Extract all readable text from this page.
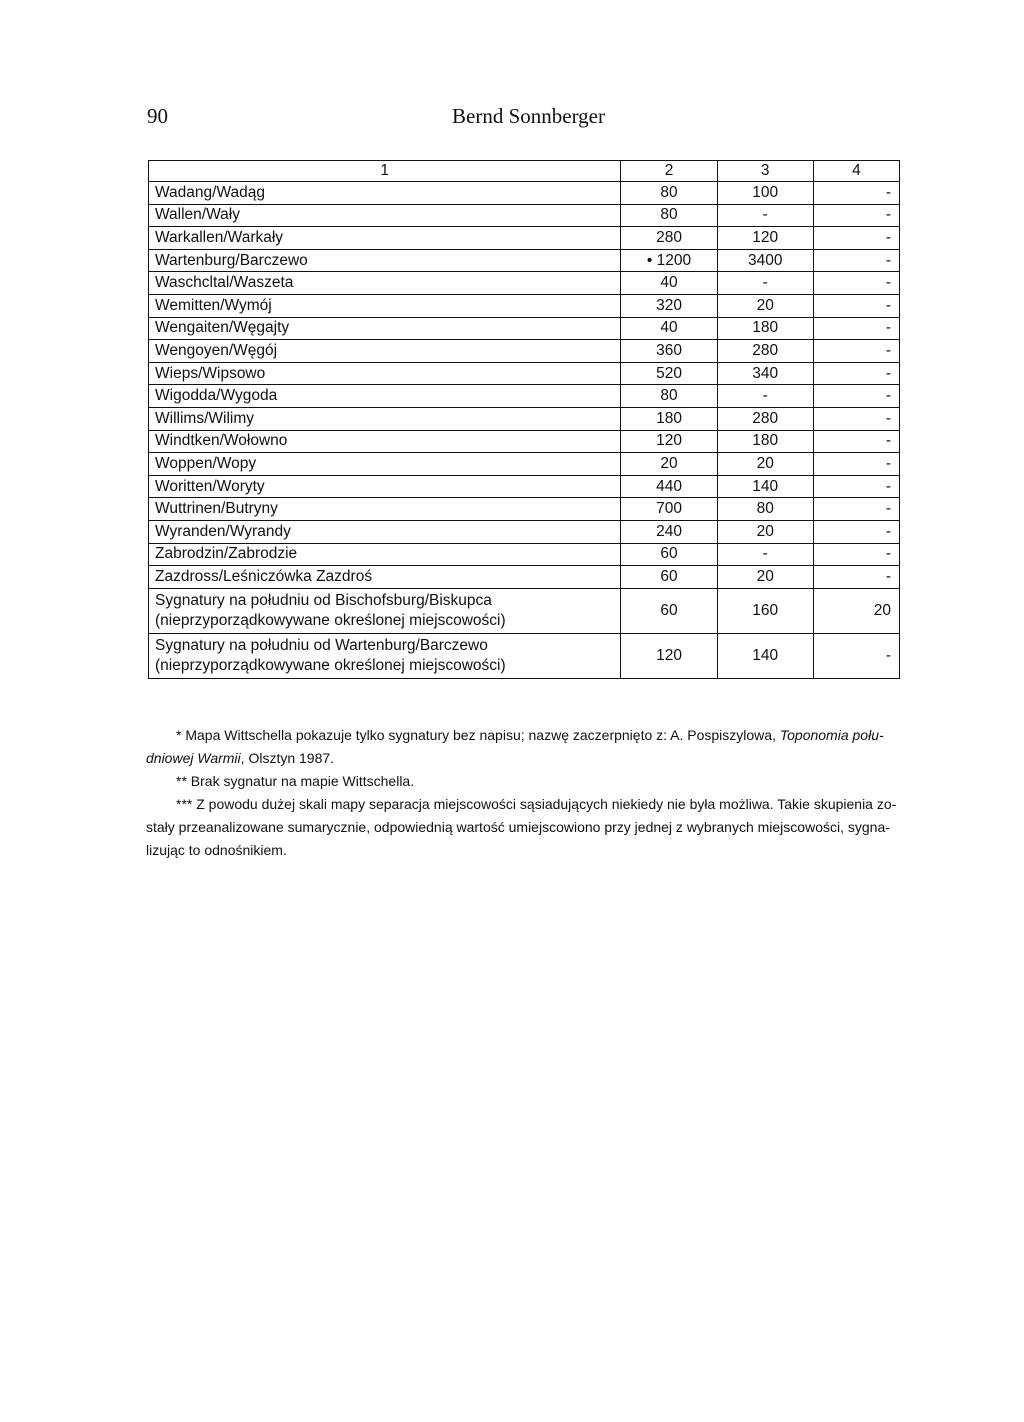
90	Bernd Sonnberger
1	2	3	4
Wadang/Wadąg	80	100	-
Wallen/Wały	80	-	-
Warkallen/Warkały	280	120	-
Wartenburg/Barczewo	• 1200	3400	-
Waschcltal/Waszeta	40	-	-
Wemitten/Wymój	320	20	-
Wengaiten/Węgajty	40	180	-
Wengoyen/Węgój	360	280	-
Wieps/Wipsowo	520	340	-
Wigodda/Wygoda	80	-	-
Willims/Wilimy	180	280	-
Windtken/Wołowno	120	180	-
Woppen/Wopy	20	20	-
Woritten/Woryty	440	140	-
Wuttrinen/Butryny	700	80	-
Wyranden/Wyrandy	240	20	-
Zabrodzin/Zabrodzie	60	-	-
Zazdross/Leśniczówka Zazdroś	60	20	-

Sygnatury na południu od Bischofsburg/Biskupca
(nieprzyporządkowywane określonej miejscowości)	60	160	20

Sygnatury na południu od Wartenburg/Barczewo
(nieprzyporządkowywane określonej miejscowości)	120	140	-

* Mapa Wittschella pokazuje tylko sygnatury bez napisu; nazwę zaczerpnięto z: A. Pospiszylowa, Toponomia połu-

dniowej Warmii, Olsztyn 1987.

** Brak sygnatur na mapie Wittschella.

*** Z powodu dużej skali mapy separacja miejscowości sąsiadujących niekiedy nie była możliwa. Takie skupienia zo-

stały przeanalizowane sumarycznie, odpowiednią wartość umiejscowiono przy jednej z wybranych miejscowości, sygna-

lizując to odnośnikiem.
